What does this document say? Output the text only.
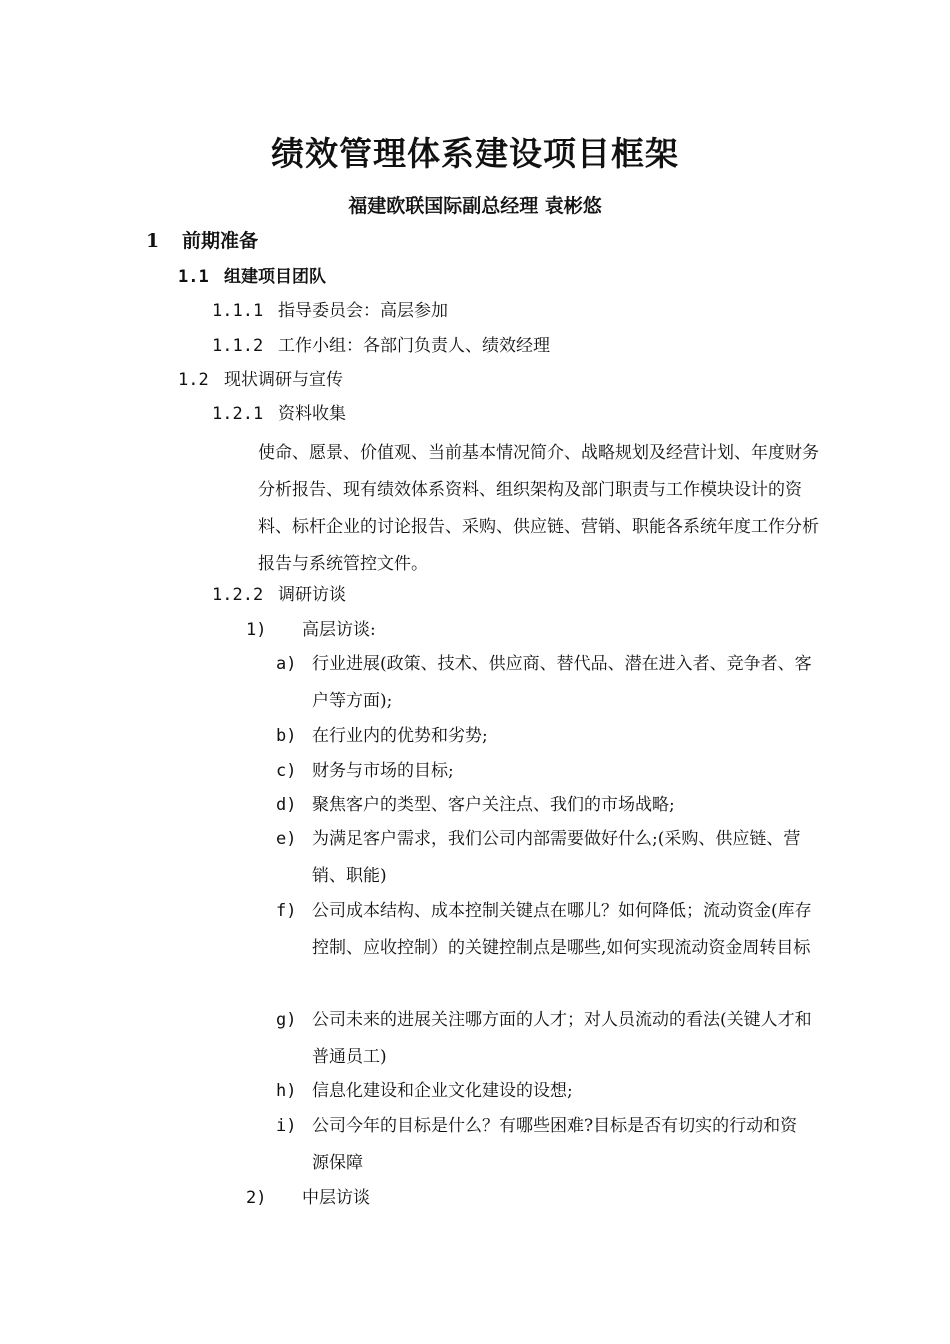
绩效管理体系建设项目框架
福建欧联国际副总经理 袁彬悠
1 前期准备
1.1 组建项目团队
1.1.1 指导委员会：高层参加
1.1.2 工作小组：各部门负责人、绩效经理
1.2 现状调研与宣传
1.2.1 资料收集

使命、愿景、价值观、当前基本情况简介、战略规划及经营计划、年度财务分析报告、现有绩效体系资料、组织架构及部门职责与工作模块设计的资料、标杆企业的讨论报告、采购、供应链、营销、职能各系统年度工作分析报告与系统管控文件。

1.2.2 调研访谈
1) 高层访谈:
a) 行业进展(政策、技术、供应商、替代品、潜在进入者、竞争者、客户等方面);
b) 在行业内的优势和劣势;
c) 财务与市场的目标;
d) 聚焦客户的类型、客户关注点、我们的市场战略;
e) 为满足客户需求，我们公司内部需要做好什么;(采购、供应链、营销、职能)
f) 公司成本结构、成本控制关键点在哪儿？如何降低；流动资金(库存控制、应收控制）的关键控制点是哪些,如何实现流动资金周转目标
g) 公司未来的进展关注哪方面的人才；对人员流动的看法(关键人才和普通员工)
h) 信息化建设和企业文化建设的设想;
i) 公司今年的目标是什么？有哪些困难?目标是否有切实的行动和资源保障
2) 中层访谈
